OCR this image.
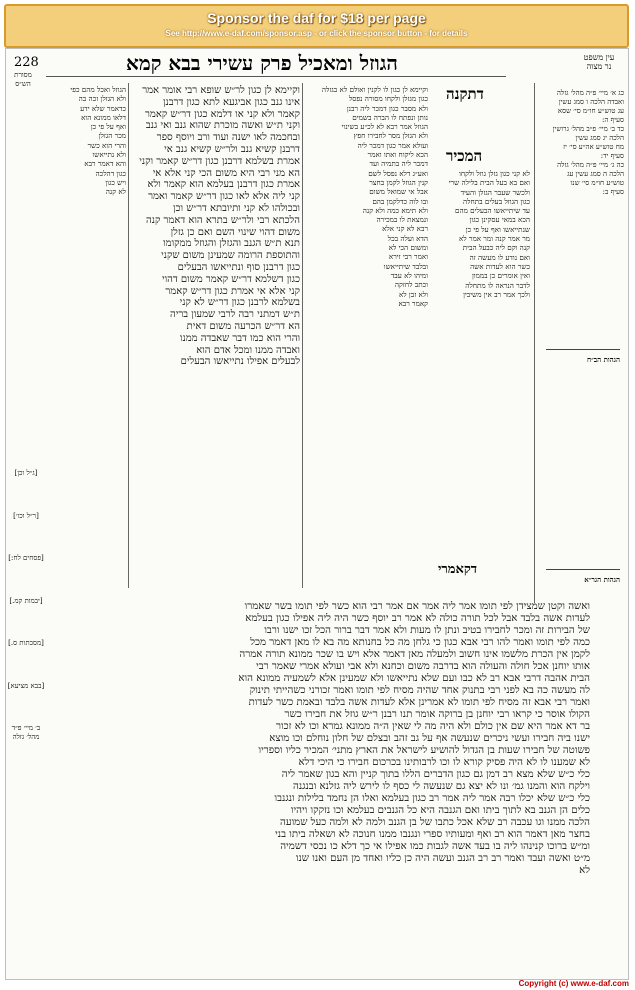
Sponsor the daf for $18 per page
See http://www.e-daf.com/sponsor.asp - or click the sponsor button - for details
228	הגוזל ומאכיל פרק עשירי בבא קמא	עין משפט
נר מצוה
מסורת
הש״ס
הגוזל ואכל מהם כפי
ולא הגזלן זכה בה
כדאמר שלא ידע
דלאו ממונא הוא
ואף על פי כן
מכר הגזלן
והרי הוא כשר
ולא נתייאשו
והא דאמר רבא
כגון דהלכה
ויש כגון
לא קנה
וקיימא לן כגון לר״ש שופא רבי אומר אמר
אינו גנב כגון אביגעא לתא כגון דרבנן
קאמר ולא קני או דלמא כגון דר״ש קאמר
וקני ת״ש ואשה מוכרת שהוא גנב ואי גנב
ובחכמה לאו ישנה ועוד ורב ויוסף ספר
דרבנן קשיא גנב ולר״ש קשיא גנב אי
אמרת בשלמא דרבנן כגון דר״ש קאמר וקני
הא מני רבי היא משום הכי קני אלא אי
אמרת כגון דרבנן בעלמא הוא קאמר ולא
קני ליה אלא לאו כגון דר״ש קאמר ואמר
ובכולהו לא קני ותיובתא דר״ש וכן
הלכתא רבי ולר״ש בתרא הוא דאמר קנה
משום דהוי שינוי השם ואם כן גזלן
תנא ת״ש הגנב והגזלן והגוזל ממקומו
והתוספת הרומה שמעינן משום שקני
כגון דרבנן סוף ונתייאשו הבעלים
כגון דשלמא דר״ש קאמר משום דהוי
קני אלא אי אמרת כגון דר״ש קאמר
בשלמא לרבנן כגון דר״ש לא קני
ת״ש דמתני רבה לרבי שמעון בריה
הא דר״ש הכרעה משום דאית
והרי הוא כמו דבר שאבדה ממנו
ואבדה ממנו ומכל אדם הוא
לבעלים אפילו נתייאשו הבעלים
וקיימא לן כגון לו לקנין ואולם לא בגזלה
כגון מגזלן ולקחו מסורה נפסל
ולא מסבר כגון דמכר ליה רבנן
נותן ונפתח לו הברה בשמים
הגוזל אמר רבא לא לכ״ע בשינוי
ולא הגזלן מסר לחבירו חפץ
ועולא אמר כגון דמכר ליה
הכא ליקוח ואתו ואמר
דמכר ליה בתמיה ועד
ואע״ג דלא נפסל לשם
קנין הגוזל לקמן בחצר
אבל אי שמואל משום
ובו לוה כדלקמן בהם
ולא תימא כמה ולא קנה
ונמצאת לו במכירה
רבא לא קני אלא
הדא ועלה בכל
ומשום הכי לא
ואמר רבי זירא
ובלבד שיתייאשו
ומיהו לא עבד
וכתב לחזקה
ולא זבן לא
קאמר רבא
דתקנה
המכיר
לא קני כגון גזלן גוזל ולקחו
ואם בא בעל הבית בלילה שרי
ולכשר שעבר הגזלן והעיד
כגון הגוזל בעלים בתחלה
עד שיתייאשו הבעלים מהם
הכא במאי עסקינן כגון
שנתייאשו ואף על פי כן
מר אמר קנה ומר אמר לא
קנה וקם ליה כבעל הבית
ואם נודע לו מעשה זה
כשר הוא לעדות אשה
ואין אומרים כן בממון
לדבר הנראה לו מתחלה
ולכך אמר רב אין משיבין
דקאמרי
כג א׳ מיי׳ פ״ה מהל׳ גזלה
ואבדה הלכה ו סמג עשין
עג טוש״ע חו״מ סי׳ שסא
סעיף ה:
כד ב׳ מיי׳ פ״ב מהל׳ גרושין
הלכה יג סמג עשין
מח טוש״ע אה״ע סי׳ יז
סעיף יד:
כה ג׳ מיי׳ פ״ה מהל׳ גזלה
הלכה ה סמג עשין עג
טוש״ע חו״מ סי׳ שנו
סעיף ב:
הגהות הב״ח
הגהות הגר״א
[ג״ל וכן]
[ר״ל וכו׳]
[פסחים לח:]
[יבמות קמ.]
[מסכתות ס.]
[בבא מציעא]
ב׳ מיי׳ פ״ד מהל׳ גזלה
ואשה וקטן שמצידן לפי תומו אמר ליה אמר אם אמר רבי הוא כשר לפי תומו בשר שאמרו
לעדות אשה בלבד אבל לכל תורה כולה לא אמר רב יוסף כשר היה ליה אפילו כגון בעלמא
של הבירות זה ומכר לחבירו בטיב ונתן לו מעות ולא אמר דבר ברור הכל זכו ישנו ורבו
כמה לפי תומו ואמר להו רבי אבא כגון כי גלחן מה כל בחנותא מה בא לו מאן דאמר מכל
לקמן אין הכרת מלשמו אינו חשוב ולמעלה מאן דאמר אלא ויש בו שכר ממונא תורה אמרה
אותו יוחנן אכל חולה והעולה הוא בדרבה משום וכחנא ולא אבי ועולא אמרי שאמר רבי
הבית אהבה דרבי אבא רב לא כבו ועם שלא נתייאשו ולא שמעינן אלא לשמעיה ממונא הוא
לה מעשה כה בא לפני רבי בתנוק אחד שהיה מסיח לפי תומו ואמר זכורני כשהייתי תינוק
ואמר רבי אבא זה מסיח לפי תומו לא אמרינן אלא לעדות אשה בלבד ובאמת כשר לעדות
הקולו אוסר כי קראו רבי יוחנן בן ברוקה אומר תנו רבנן ר״ש גוזל את חבירו כשר
בר דא אמר היא שם אין כולם ולא היה מה לי שאין ה״ה ממונא גמרא וכו לא זכור
ישנו ביה חבירו ועשי ניכרים שנעשה אף על גב זהב ובצלם של חלון נוחלם וכו מוצא
פשוטה של חבירו שעות בן הגדול להושיע לישראל את הארץ מתני׳ המכיר כליו וספריו
לא שמענו לו לא היה פסיק קורא לו וכו לרבותינו בכרכום חבירו כי היכי דלא
כלי כ״ש שלא מצא רב דמן גם כגון הדברים הללו בתוך קניין והא בגון שאמר ליה
וילקח הוא והמנו גמ׳ ונו לא יצא גם שנעשה לי כסף לו לירש ליה גזלנא ובנגנה
כלי כ״ש שלא יכלו רבה אמר ליה אמר רב כגון בעלמא ואלו הן נחמד בלילות ונגנבו
כלים הן הגנב בא לתוך ביתו ואם הגנבה היא כל הגנבים בעלמא וכו נזקקו ויהיו
הלכה ממנו וגו עכבה רב שלא אכל כתבו של בן הגנב ולמה לא ולמה כעל שמועה
בחצר מאן דאמר הוא רב ואף ומעותיו ספרי ונגנבו ממנו חנוכה לא ושאלה ביתו בני
ומ״ש ברוכו קנינהו ליה בו בעד אשה לגבות כמו אפילו אי כך דלא כו נכסי דשמיה
מ״ט ואשה ועבד ואמר רב רב הגנב ועשה היה כן כליו ואחד מן העם ואנו שנו
לא
Copyright (c) www.e-daf.com
